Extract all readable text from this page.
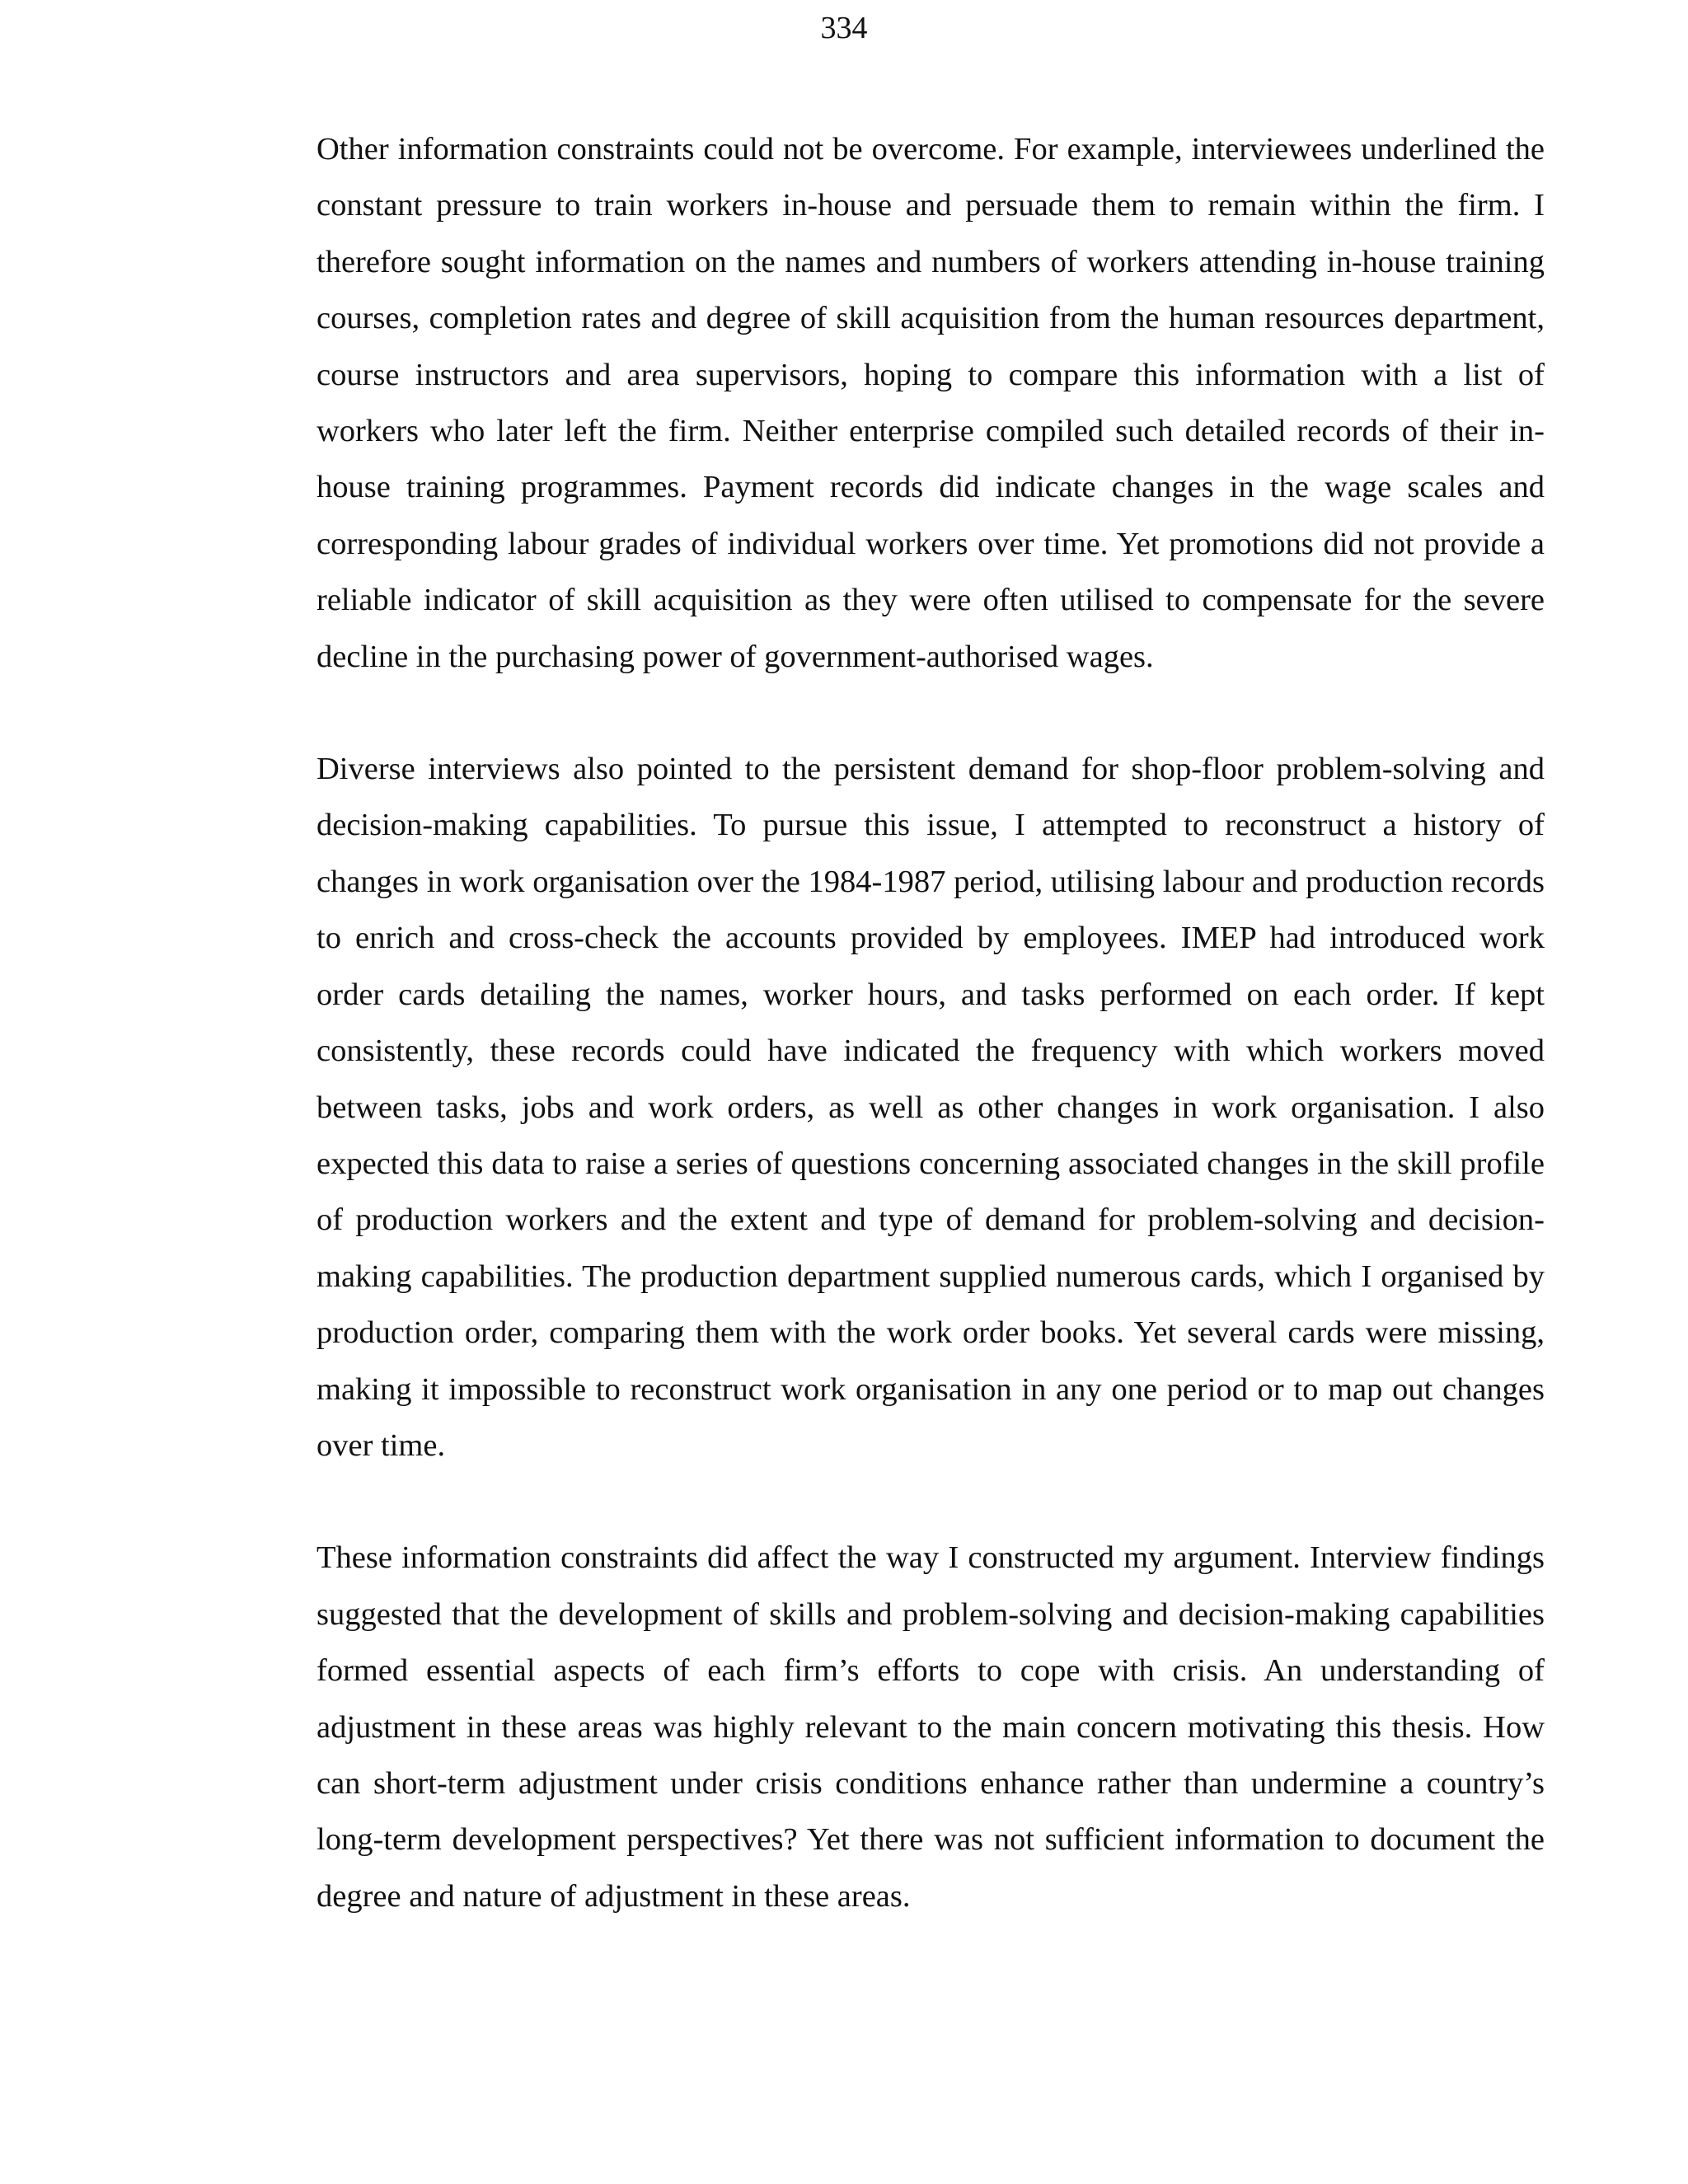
334

Other information constraints could not be overcome. For example, interviewees underlined the constant pressure to train workers in-house and persuade them to remain within the firm. I therefore sought information on the names and numbers of workers attending in-house training courses, completion rates and degree of skill acquisition from the human resources department, course instructors and area supervisors, hoping to compare this information with a list of workers who later left the firm. Neither enterprise compiled such detailed records of their in-house training programmes. Payment records did indicate changes in the wage scales and corresponding labour grades of individual workers over time. Yet promotions did not provide a reliable indicator of skill acquisition as they were often utilised to compensate for the severe decline in the purchasing power of government-authorised wages.

Diverse interviews also pointed to the persistent demand for shop-floor problem-solving and decision-making capabilities. To pursue this issue, I attempted to reconstruct a history of changes in work organisation over the 1984-1987 period, utilising labour and production records to enrich and cross-check the accounts provided by employees. IMEP had introduced work order cards detailing the names, worker hours, and tasks performed on each order. If kept consistently, these records could have indicated the frequency with which workers moved between tasks, jobs and work orders, as well as other changes in work organisation. I also expected this data to raise a series of questions concerning associated changes in the skill profile of production workers and the extent and type of demand for problem-solving and decision-making capabilities. The production department supplied numerous cards, which I organised by production order, comparing them with the work order books. Yet several cards were missing, making it impossible to reconstruct work organisation in any one period or to map out changes over time.

These information constraints did affect the way I constructed my argument. Interview findings suggested that the development of skills and problem-solving and decision-making capabilities formed essential aspects of each firm’s efforts to cope with crisis. An understanding of adjustment in these areas was highly relevant to the main concern motivating this thesis. How can short-term adjustment under crisis conditions enhance rather than undermine a country’s long-term development perspectives? Yet there was not sufficient information to document the degree and nature of adjustment in these areas.
